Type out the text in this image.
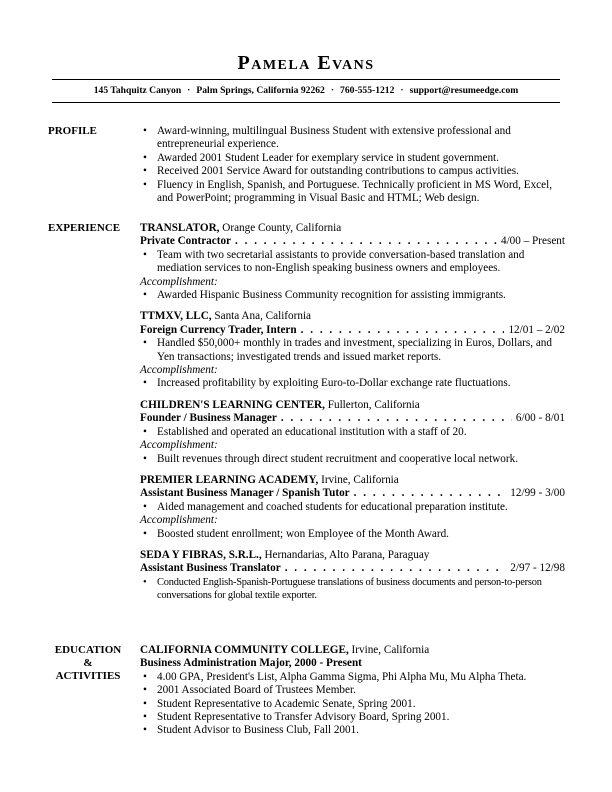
Pamela Evans
145 Tahquitz Canyon · Palm Springs, California 92262 · 760-555-1212 · support@resumeedge.com
PROFILE	• Award-winning, multilingual Business Student with extensive professional and entrepreneurial experience.
• Awarded 2001 Student Leader for exemplary service in student government.
• Received 2001 Service Award for outstanding contributions to campus activities.
• Fluency in English, Spanish, and Portuguese. Technically proficient in MS Word, Excel, and PowerPoint; programming in Visual Basic and HTML; Web design.
EXPERIENCE	TRANSLATOR, Orange County, California
Private Contractor . . .	4/00 – Present
• Team with two secretarial assistants to provide conversation-based translation and mediation services to non-English speaking business owners and employees.
Accomplishment:
• Awarded Hispanic Business Community recognition for assisting immigrants.
TTMXV, LLC, Santa Ana, California
Foreign Currency Trader, Intern . . .	12/01 – 2/02
• Handled $50,000+ monthly in trades and investment, specializing in Euros, Dollars, and Yen transactions; investigated trends and issued market reports.
Accomplishment:
• Increased profitability by exploiting Euro-to-Dollar exchange rate fluctuations.
CHILDREN'S LEARNING CENTER, Fullerton, California
Founder / Business Manager . . .	6/00 - 8/01
• Established and operated an educational institution with a staff of 20.
Accomplishment:
• Built revenues through direct student recruitment and cooperative local network.
PREMIER LEARNING ACADEMY, Irvine, California
Assistant Business Manager / Spanish Tutor . . .	12/99 - 3/00
• Aided management and coached students for educational preparation institute.
Accomplishment:
• Boosted student enrollment; won Employee of the Month Award.
SEDA Y FIBRAS, S.R.L., Hernandarias, Alto Parana, Paraguay
Assistant Business Translator . . .	2/97 - 12/98
• Conducted English-Spanish-Portuguese translations of business documents and person-to-person conversations for global textile exporter.
EDUCATION
&
ACTIVITIES
CALIFORNIA COMMUNITY COLLEGE, Irvine, California
Business Administration Major, 2000 - Present
• 4.00 GPA, President's List, Alpha Gamma Sigma, Phi Alpha Mu, Mu Alpha Theta.
• 2001 Associated Board of Trustees Member.
• Student Representative to Academic Senate, Spring 2001.
• Student Representative to Transfer Advisory Board, Spring 2001.
• Student Advisor to Business Club, Fall 2001.
